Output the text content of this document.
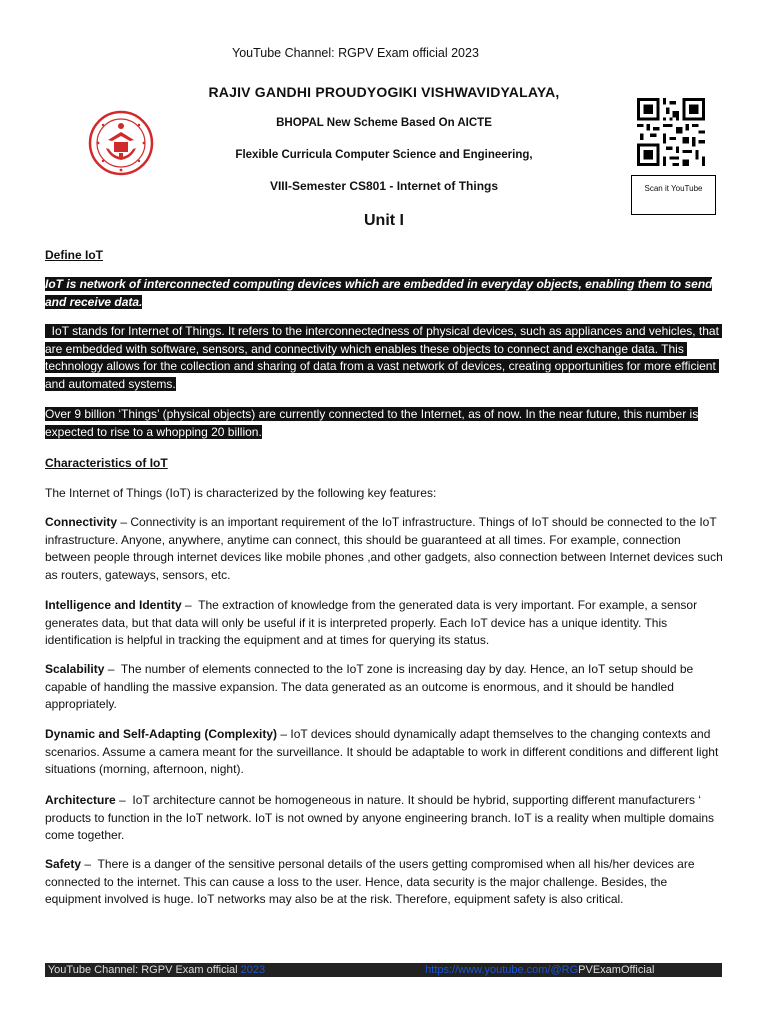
YouTube Channel: RGPV Exam official 2023
RAJIV GANDHI PROUDYOGIKI VISHWAVIDYALAYA,
BHOPAL New Scheme Based On AICTE
Flexible Curricula Computer Science and Engineering,
VIII-Semester CS801 - Internet of Things	Scan it YouTube
Unit I
Define IoT
IoT is network of interconnected computing devices which are embedded in everyday objects, enabling them to send and receive data.
IoT stands for Internet of Things. It refers to the interconnectedness of physical devices, such as appliances and vehicles, that are embedded with software, sensors, and connectivity which enables these objects to connect and exchange data. This technology allows for the collection and sharing of data from a vast network of devices, creating opportunities for more efficient and automated systems.
Over 9 billion ‘Things’ (physical objects) are currently connected to the Internet, as of now. In the near future, this number is expected to rise to a whopping 20 billion.
Characteristics of IoT
The Internet of Things (IoT) is characterized by the following key features:
Connectivity – Connectivity is an important requirement of the IoT infrastructure. Things of IoT should be connected to the IoT infrastructure. Anyone, anywhere, anytime can connect, this should be guaranteed at all times. For example, connection between people through internet devices like mobile phones ,and other gadgets, also connection between Internet devices such as routers, gateways, sensors, etc.
Intelligence and Identity –  The extraction of knowledge from the generated data is very important. For example, a sensor generates data, but that data will only be useful if it is interpreted properly. Each IoT device has a unique identity. This identification is helpful in tracking the equipment and at times for querying its status.
Scalability –  The number of elements connected to the IoT zone is increasing day by day. Hence, an IoT setup should be capable of handling the massive expansion. The data generated as an outcome is enormous, and it should be handled appropriately.
Dynamic and Self-Adapting (Complexity) – IoT devices should dynamically adapt themselves to the changing contexts and scenarios. Assume a camera meant for the surveillance. It should be adaptable to work in different conditions and different light situations (morning, afternoon, night).
Architecture –  IoT architecture cannot be homogeneous in nature. It should be hybrid, supporting different manufacturers ‘ products to function in the IoT network. IoT is not owned by anyone engineering branch. IoT is a reality when multiple domains come together.
Safety –  There is a danger of the sensitive personal details of the users getting compromised when all his/her devices are connected to the internet. This can cause a loss to the user. Hence, data security is the major challenge. Besides, the equipment involved is huge. IoT networks may also be at the risk. Therefore, equipment safety is also critical.
YouTube Channel: RGPV Exam official 2023	https://www.youtube.com/@RGPVExamOfficial
